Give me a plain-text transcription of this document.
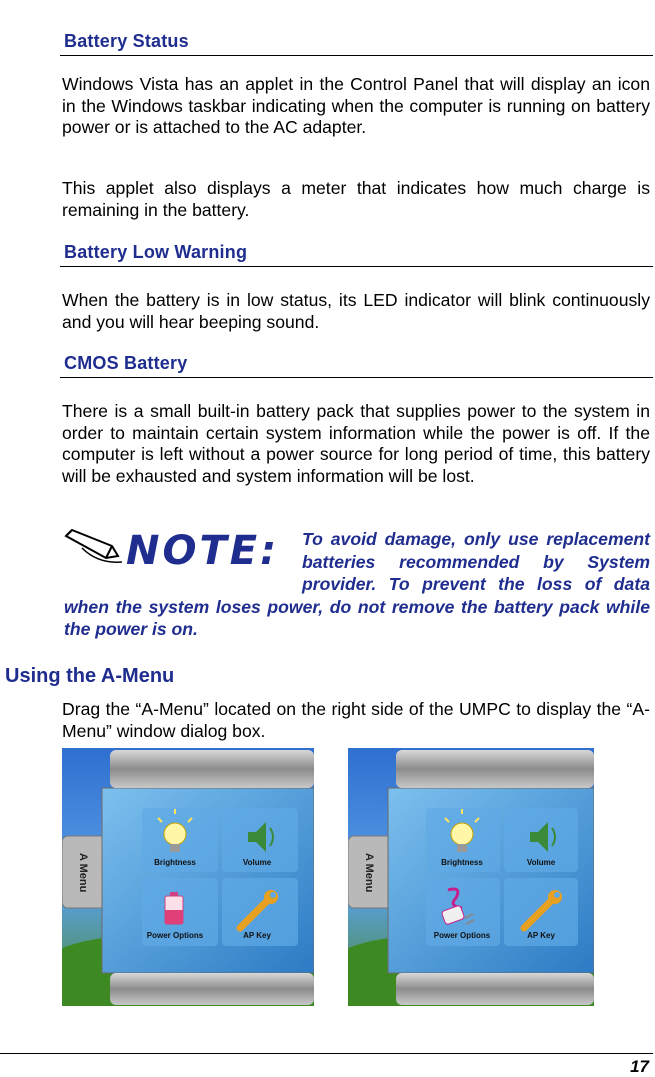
Battery Status
Windows Vista has an applet in the Control Panel that will display an icon in the Windows taskbar indicating when the computer is running on battery power or is attached to the AC adapter.
This applet also displays a meter that indicates how much charge is remaining in the battery.
Battery Low Warning
When the battery is in low status, its LED indicator will blink continuously and you will hear beeping sound.
CMOS Battery
There is a small built-in battery pack that supplies power to the system in order to maintain certain system information while the power is off. If the computer is left without a power source for long period of time, this battery will be exhausted and system information will be lost.
NOTE: To avoid damage, only use replacement batteries recommended by System provider. To prevent the loss of data when the system loses power, do not remove the battery pack while the power is on.
Using the A-Menu
Drag the “A-Menu” located on the right side of the UMPC to display the “A-Menu” window dialog box.
A Menu	Brightness	Volume
Power Options	AP Key
A Menu	Brightness	Volume
Power Options	AP Key
17
